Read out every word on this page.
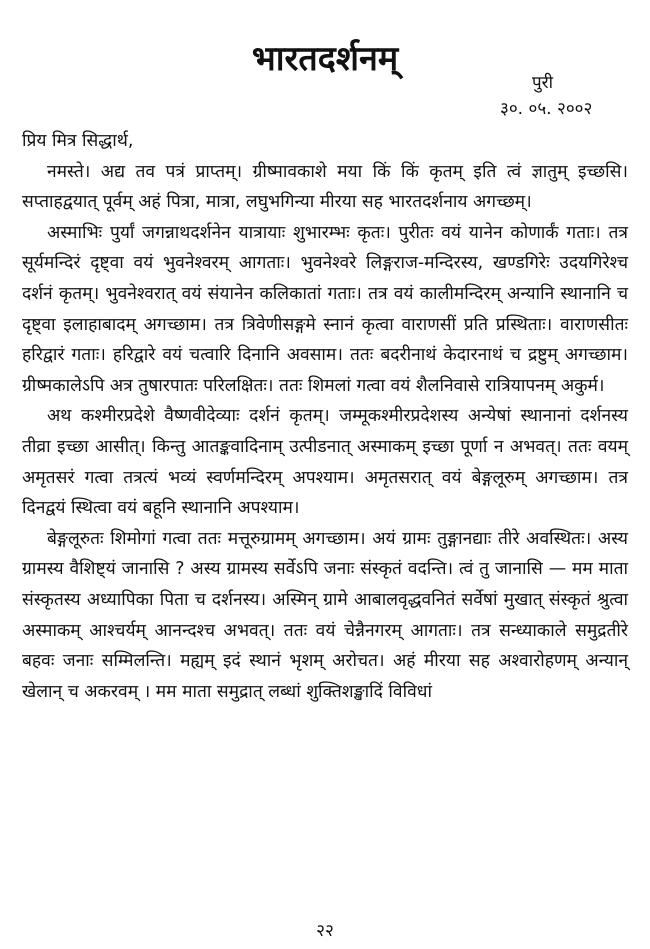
भारतदर्शनम्
पुरी
३०. ०५. २००२

प्रिय मित्र सिद्धार्थ,

नमस्ते। अद्य तव पत्रं प्राप्तम्। ग्रीष्मावकाशे मया किं किं कृतम् इति त्वं ज्ञातुम् इच्छसि। सप्ताहद्वयात् पूर्वम् अहं पित्रा, मात्रा, लघुभगिन्या मीरया सह भारतदर्शनाय अगच्छम्।

अस्माभिः पुर्यां जगन्नाथदर्शनेन यात्रायाः शुभारम्भः कृतः। पुरीतः वयं यानेन कोणार्कं गताः। तत्र सूर्यमन्दिरं दृष्ट्वा वयं भुवनेश्वरम् आगताः। भुवनेश्वरे लिङ्गराज-मन्दिरस्य, खण्डगिरेः उदयगिरेश्च दर्शनं कृतम्। भुवनेश्वरात् वयं संयानेन कलिकातां गताः। तत्र वयं कालीमन्दिरम् अन्यानि स्थानानि च दृष्ट्वा इलाहाबादम् अगच्छाम। तत्र त्रिवेणीसङ्गमे स्नानं कृत्वा वाराणसीं प्रति प्रस्थिताः। वाराणसीतः हरिद्वारं गताः। हरिद्वारे वयं चत्वारि दिनानि अवसाम। ततः बदरीनाथं केदारनाथं च द्रष्टुम् अगच्छाम। ग्रीष्मकालेऽपि अत्र तुषारपातः परिलक्षितः। ततः शिमलां गत्वा वयं शैलनिवासे रात्रियापनम् अकुर्म।

अथ कश्मीरप्रदेशे वैष्णवीदेव्याः दर्शनं कृतम्। जम्मूकश्मीरप्रदेशस्य अन्येषां स्थानानां दर्शनस्य तीव्रा इच्छा आसीत्। किन्तु आतङ्कवादिनाम् उत्पीडनात् अस्माकम् इच्छा पूर्णा न अभवत्। ततः वयम् अमृतसरं गत्वा तत्रत्यं भव्यं स्वर्णमन्दिरम् अपश्याम। अमृतसरात् वयं बेङ्गलूरुम् अगच्छाम। तत्र दिनद्वयं स्थित्वा वयं बहूनि स्थानानि अपश्याम।

बेङ्गलूरुतः शिमोगां गत्वा ततः मत्तूरुग्रामम् अगच्छाम। अयं ग्रामः तुङ्गानद्याः तीरे अवस्थितः। अस्य ग्रामस्य वैशिष्ट्यं जानासि ? अस्य ग्रामस्य सर्वेऽपि जनाः संस्कृतं वदन्ति। त्वं तु जानासि — मम माता संस्कृतस्य अध्यापिका पिता च दर्शनस्य। अस्मिन् ग्रामे आबालवृद्धवनितं सर्वेषां मुखात् संस्कृतं श्रुत्वा अस्माकम् आश्चर्यम् आनन्दश्च अभवत्। ततः वयं चेन्नैनगरम् आगताः। तत्र सन्ध्याकाले समुद्रतीरे बहवः जनाः सम्मिलन्ति। मह्यम् इदं स्थानं भृशम् अरोचत। अहं मीरया सह अश्वारोहणम् अन्यान् खेलान् च अकरवम् । मम माता समुद्रात् लब्धां शुक्तिशङ्खादिं विविधां

२२
